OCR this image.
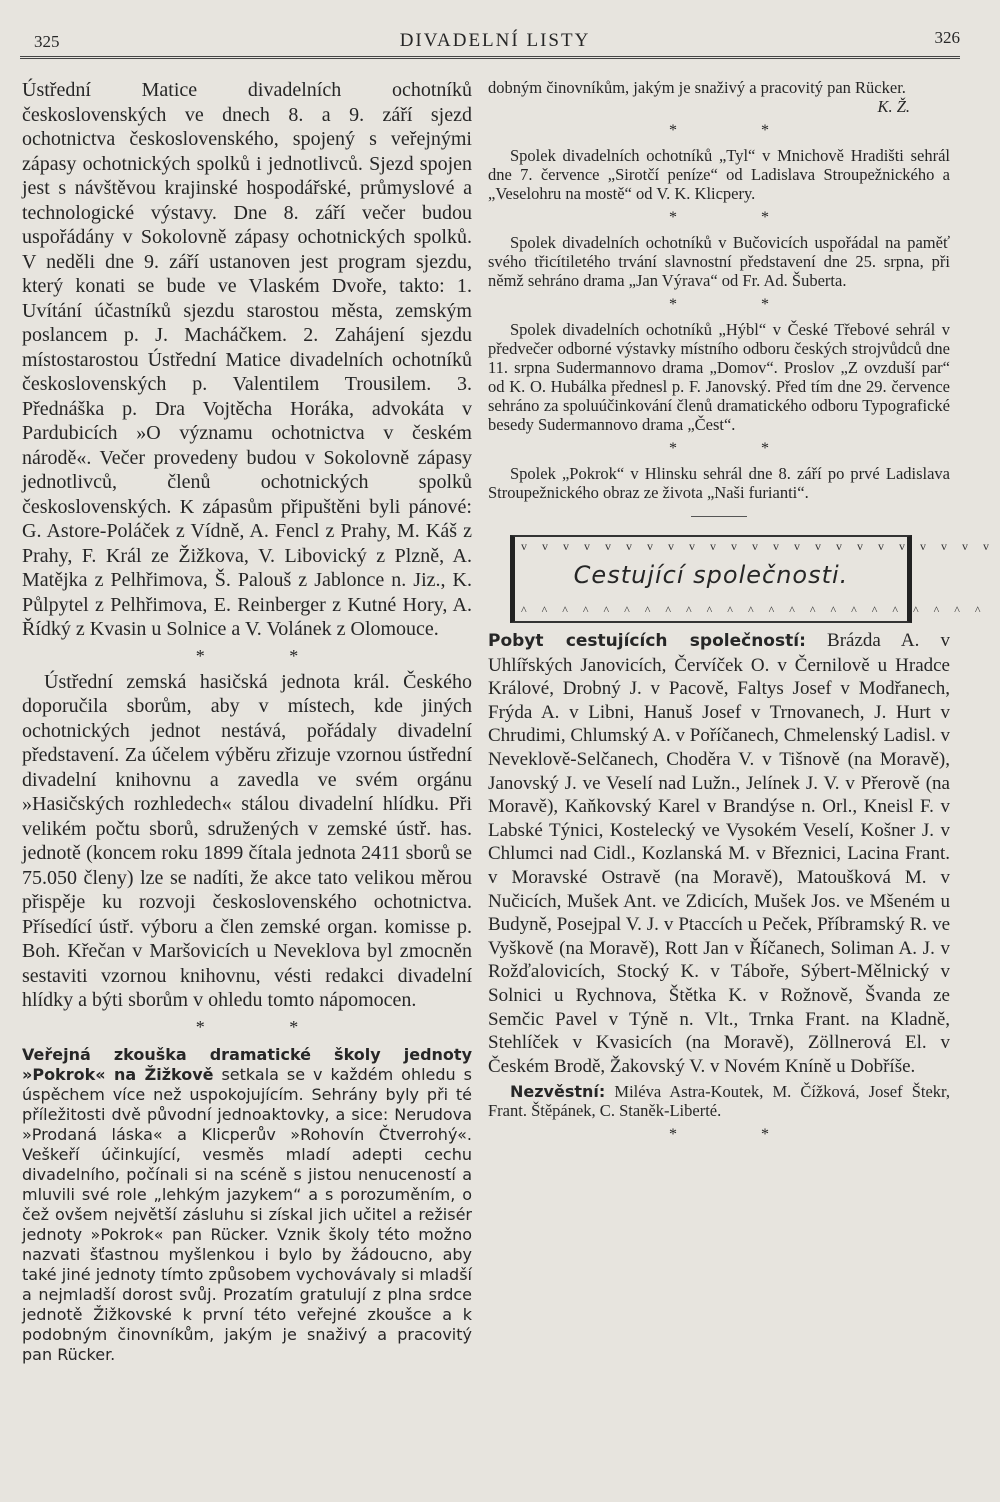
325	DIVADELNÍ LISTY	326

Ústřední Matice divadelních ochotníků československých ve dnech 8. a 9. září sjezd ochotnictva československého, spojený s veřejnými zápasy ochotnických spolků i jednotlivců. Sjezd spojen jest s návštěvou krajinské hospodářské, průmyslové a technologické výstavy. Dne 8. září večer budou uspořádány v Sokolovně zápasy ochotnických spolků. V neděli dne 9. září ustanoven jest program sjezdu, který konati se bude ve Vlaském Dvoře, takto: 1. Uvítání účastníků sjezdu starostou města, zemským poslancem p. J. Macháčkem. 2. Zahájení sjezdu místostarostou Ústřední Matice divadelních ochotníků československých p. Valentilem Trousilem. 3. Přednáška p. Dra Vojtěcha Horáka, advokáta v Pardubicích »O významu ochotnictva v českém národě«. Večer provedeny budou v Sokolovně zápasy jednotlivců, členů ochotnických spolků československých. K zápasům připuštěni byli pánové: G. Astore-Poláček z Vídně, A. Fencl z Prahy, M. Káš z Prahy, F. Král ze Žižkova, V. Libovický z Plzně, A. Matějka z Pelhřimova, Š. Palouš z Jablonce n. Jiz., K. Půlpytel z Pelhřimova, E. Reinberger z Kutné Hory, A. Řídký z Kvasin u Solnice a V. Volánek z Olomouce.

* *

Ústřední zemská hasičská jednota král. Českého doporučila sborům, aby v místech, kde jiných ochotnických jednot nestává, pořádaly divadelní představení. Za účelem výběru zřizuje vzornou ústřední divadelní knihovnu a zavedla ve svém orgánu »Hasičských rozhledech« stálou divadelní hlídku. Při velikém počtu sborů, sdružených v zemské ústř. has. jednotě (koncem roku 1899 čítala jednota 2411 sborů se 75.050 členy) lze se nadíti, že akce tato velikou měrou přispěje ku rozvoji československého ochotnictva. Přísedící ústř. výboru a člen zemské organ. komisse p. Boh. Křečan v Maršovicích u Neveklova byl zmocněn sestaviti vzornou knihovnu, vésti redakci divadelní hlídky a býti sborům v ohledu tomto nápomocen.

* *

Veřejná zkouška dramatické školy jednoty »Pokrok« na Žižkově setkala se v každém ohledu s úspěchem více než uspokojujícím. Sehrány byly při té příležitosti dvě původní jednoaktovky, a sice: Nerudova »Prodaná láska« a Klicperův »Rohovín Čtverrohý«. Veškeří účinkující, vesměs mladí adepti cechu divadelního, počínali si na scéně s jistou nenuceností a mluvili své role „lehkým jazykem“ a s porozuměním, o čež ovšem největší zásluhu si získal jich učitel a režisér jednoty »Pokrok« pan Rücker. Vznik školy této možno nazvati šťastnou myšlenkou i bylo by žádoucno, aby také jiné jednoty tímto způsobem vychovávaly si mladší a nejmladší dorost svůj. Prozatím gratulují z plna srdce jednotě Žižkovské k první této veřejné zkoušce a k podobným činovníkům, jakým je snaživý a pracovitý pan Rücker.

dobným činovníkům, jakým je snaživý a pracovitý pan Rücker.

K. Ž.

* *

Spolek divadelních ochotníků „Tyl“ v Mnichově Hradišti sehrál dne 7. července „Sirotčí peníze“ od Ladislava Stroupežnického a „Veselohru na mostě“ od V. K. Klicpery.

* *

Spolek divadelních ochotníků v Bučovicích uspořádal na paměť svého třicítiletého trvání slavnostní představení dne 25. srpna, při němž sehráno drama „Jan Výrava“ od Fr. Ad. Šuberta.

* *

Spolek divadelních ochotníků „Hýbl“ v České Třebové sehrál v předvečer odborné výstavky místního odboru českých strojvůdců dne 11. srpna Sudermannovo drama „Domov“. Proslov „Z ovzduší par“ od K. O. Hubálka přednesl p. F. Janovský. Před tím dne 29. července sehráno za spoluúčinkování členů dramatického odboru Typografické besedy Sudermannovo drama „Čest“.

* *

Spolek „Pokrok“ v Hlinsku sehrál dne 8. září po prvé Ladislava Stroupežnického obraz ze života „Naši furianti“.

v v v v v v v v v v v v v v v v v v v v v v v
Cestující společnosti.
^ ^ ^ ^ ^ ^ ^ ^ ^ ^ ^ ^ ^ ^ ^ ^ ^ ^ ^ ^ ^ ^ ^

Pobyt cestujících společností: Brázda A. v Uhlířských Janovicích, Červíček O. v Černilově u Hradce Králové, Drobný J. v Pacově, Faltys Josef v Modřanech, Frýda A. v Libni, Hanuš Josef v Trnovanech, J. Hurt v Chrudimi, Chlumský A. v Poříčanech, Chmelenský Ladisl. v Neveklově-Selčanech, Choděra V. v Tišnově (na Moravě), Janovský J. ve Veselí nad Lužn., Jelínek J. V. v Přerově (na Moravě), Kaňkovský Karel v Brandýse n. Orl., Kneisl F. v Labské Týnici, Kostelecký ve Vysokém Veselí, Košner J. v Chlumci nad Cidl., Kozlanská M. v Březnici, Lacina Frant. v Moravské Ostravě (na Moravě), Matoušková M. v Nučicích, Mušek Ant. ve Zdicích, Mušek Jos. ve Mšeném u Budyně, Posejpal V. J. v Ptaccích u Peček, Příbramský R. ve Vyškově (na Moravě), Rott Jan v Říčanech, Soliman A. J. v Rožďalovicích, Stocký K. v Táboře, Sýbert-Mělnický v Solnici u Rychnova, Štětka K. v Rožnově, Švanda ze Semčic Pavel v Týně n. Vlt., Trnka Frant. na Kladně, Stehlíček v Kvasicích (na Moravě), Zöllnerová El. v Českém Brodě, Žakovský V. v Novém Kníně u Dobříše.

Nezvěstní: Miléva Astra-Koutek, M. Čížková, Josef Štekr, Frant. Štěpánek, C. Staněk-Liberté.

* *
